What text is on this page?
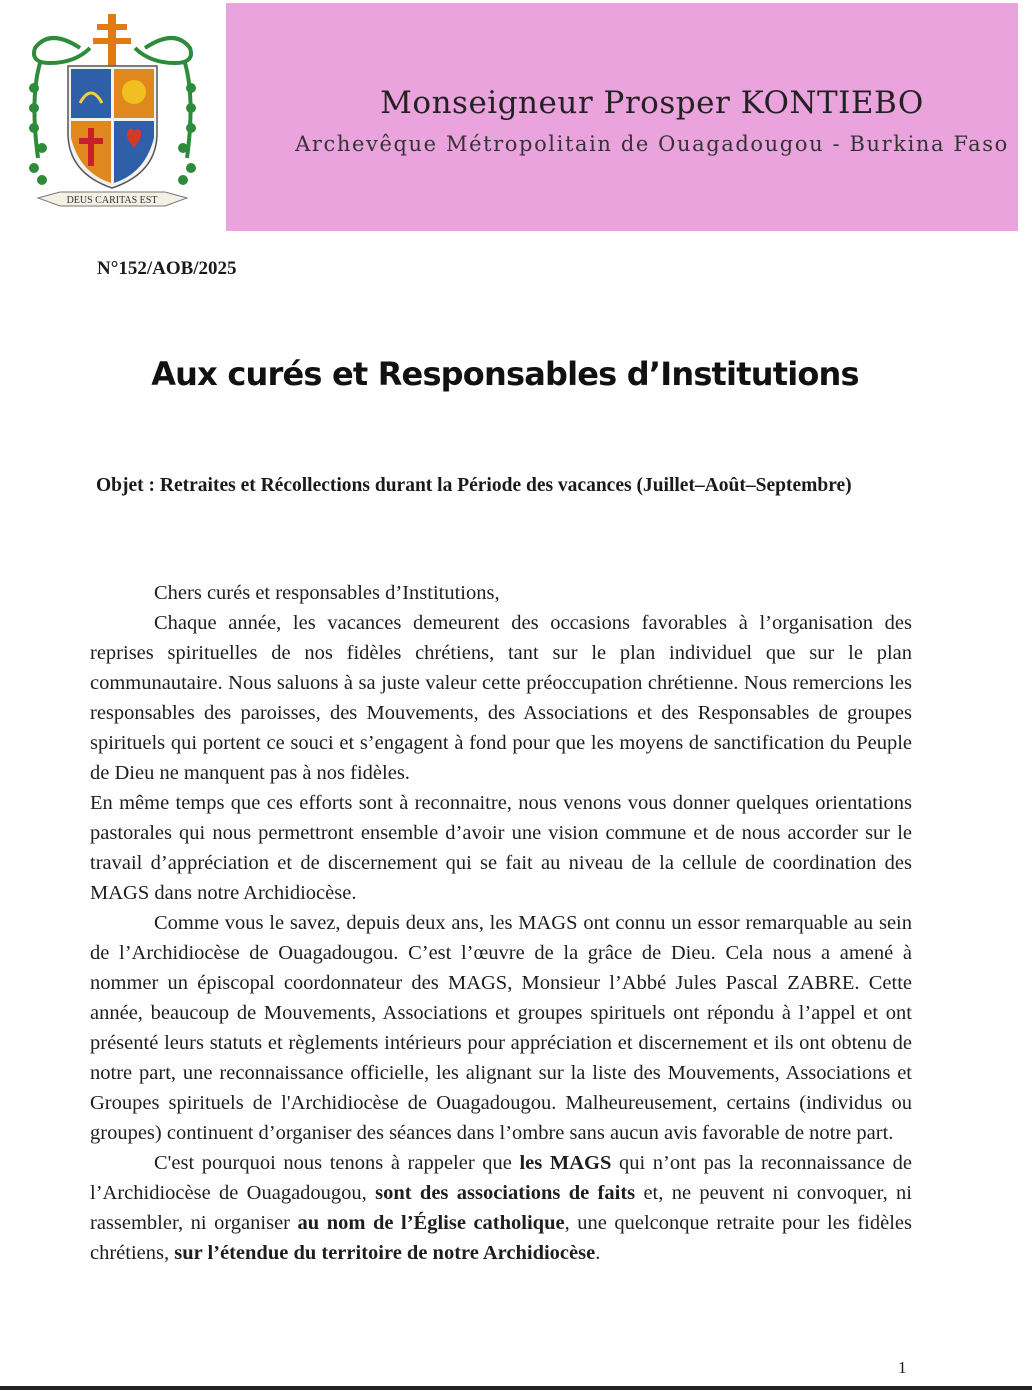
DEUS CARITAS EST
Monseigneur Prosper KONTIEBO
Archevêque Métropolitain de Ouagadougou - Burkina Faso
N°152/AOB/2025
Aux curés et Responsables d’Institutions
Objet : Retraites et Récollections durant la Période des vacances (Juillet–Août–Septembre)

Chers curés et responsables d’Institutions,

Chaque année, les vacances demeurent des occasions favorables à l’organisation des reprises spirituelles de nos fidèles chrétiens, tant sur le plan individuel que sur le plan communautaire. Nous saluons à sa juste valeur cette préoccupation chrétienne. Nous remercions les responsables des paroisses, des Mouvements, des Associations et des Responsables de groupes spirituels qui portent ce souci et s’engagent à fond pour que les moyens de sanctification du Peuple de Dieu ne manquent pas à nos fidèles.

En même temps que ces efforts sont à reconnaitre, nous venons vous donner quelques orientations pastorales qui nous permettront ensemble d’avoir une vision commune et de nous accorder sur le travail d’appréciation et de discernement qui se fait au niveau de la cellule de coordination des MAGS dans notre Archidiocèse.

Comme vous le savez, depuis deux ans, les MAGS ont connu un essor remarquable au sein de l’Archidiocèse de Ouagadougou. C’est l’œuvre de la grâce de Dieu. Cela nous a amené à nommer un épiscopal coordonnateur des MAGS, Monsieur l’Abbé Jules Pascal ZABRE. Cette année, beaucoup de Mouvements, Associations et groupes spirituels ont répondu à l’appel et ont présenté leurs statuts et règlements intérieurs pour appréciation et discernement et ils ont obtenu de notre part, une reconnaissance officielle, les alignant sur la liste des Mouvements, Associations et Groupes spirituels de l'Archidiocèse de Ouagadougou. Malheureusement, certains (individus ou groupes) continuent d’organiser des séances dans l’ombre sans aucun avis favorable de notre part.

C'est pourquoi nous tenons à rappeler que les MAGS qui n’ont pas la reconnaissance de l’Archidiocèse de Ouagadougou, sont des associations de faits et, ne peuvent ni convoquer, ni rassembler, ni organiser au nom de l’Église catholique, une quelconque retraite pour les fidèles chrétiens, sur l’étendue du territoire de notre Archidiocèse.

1
